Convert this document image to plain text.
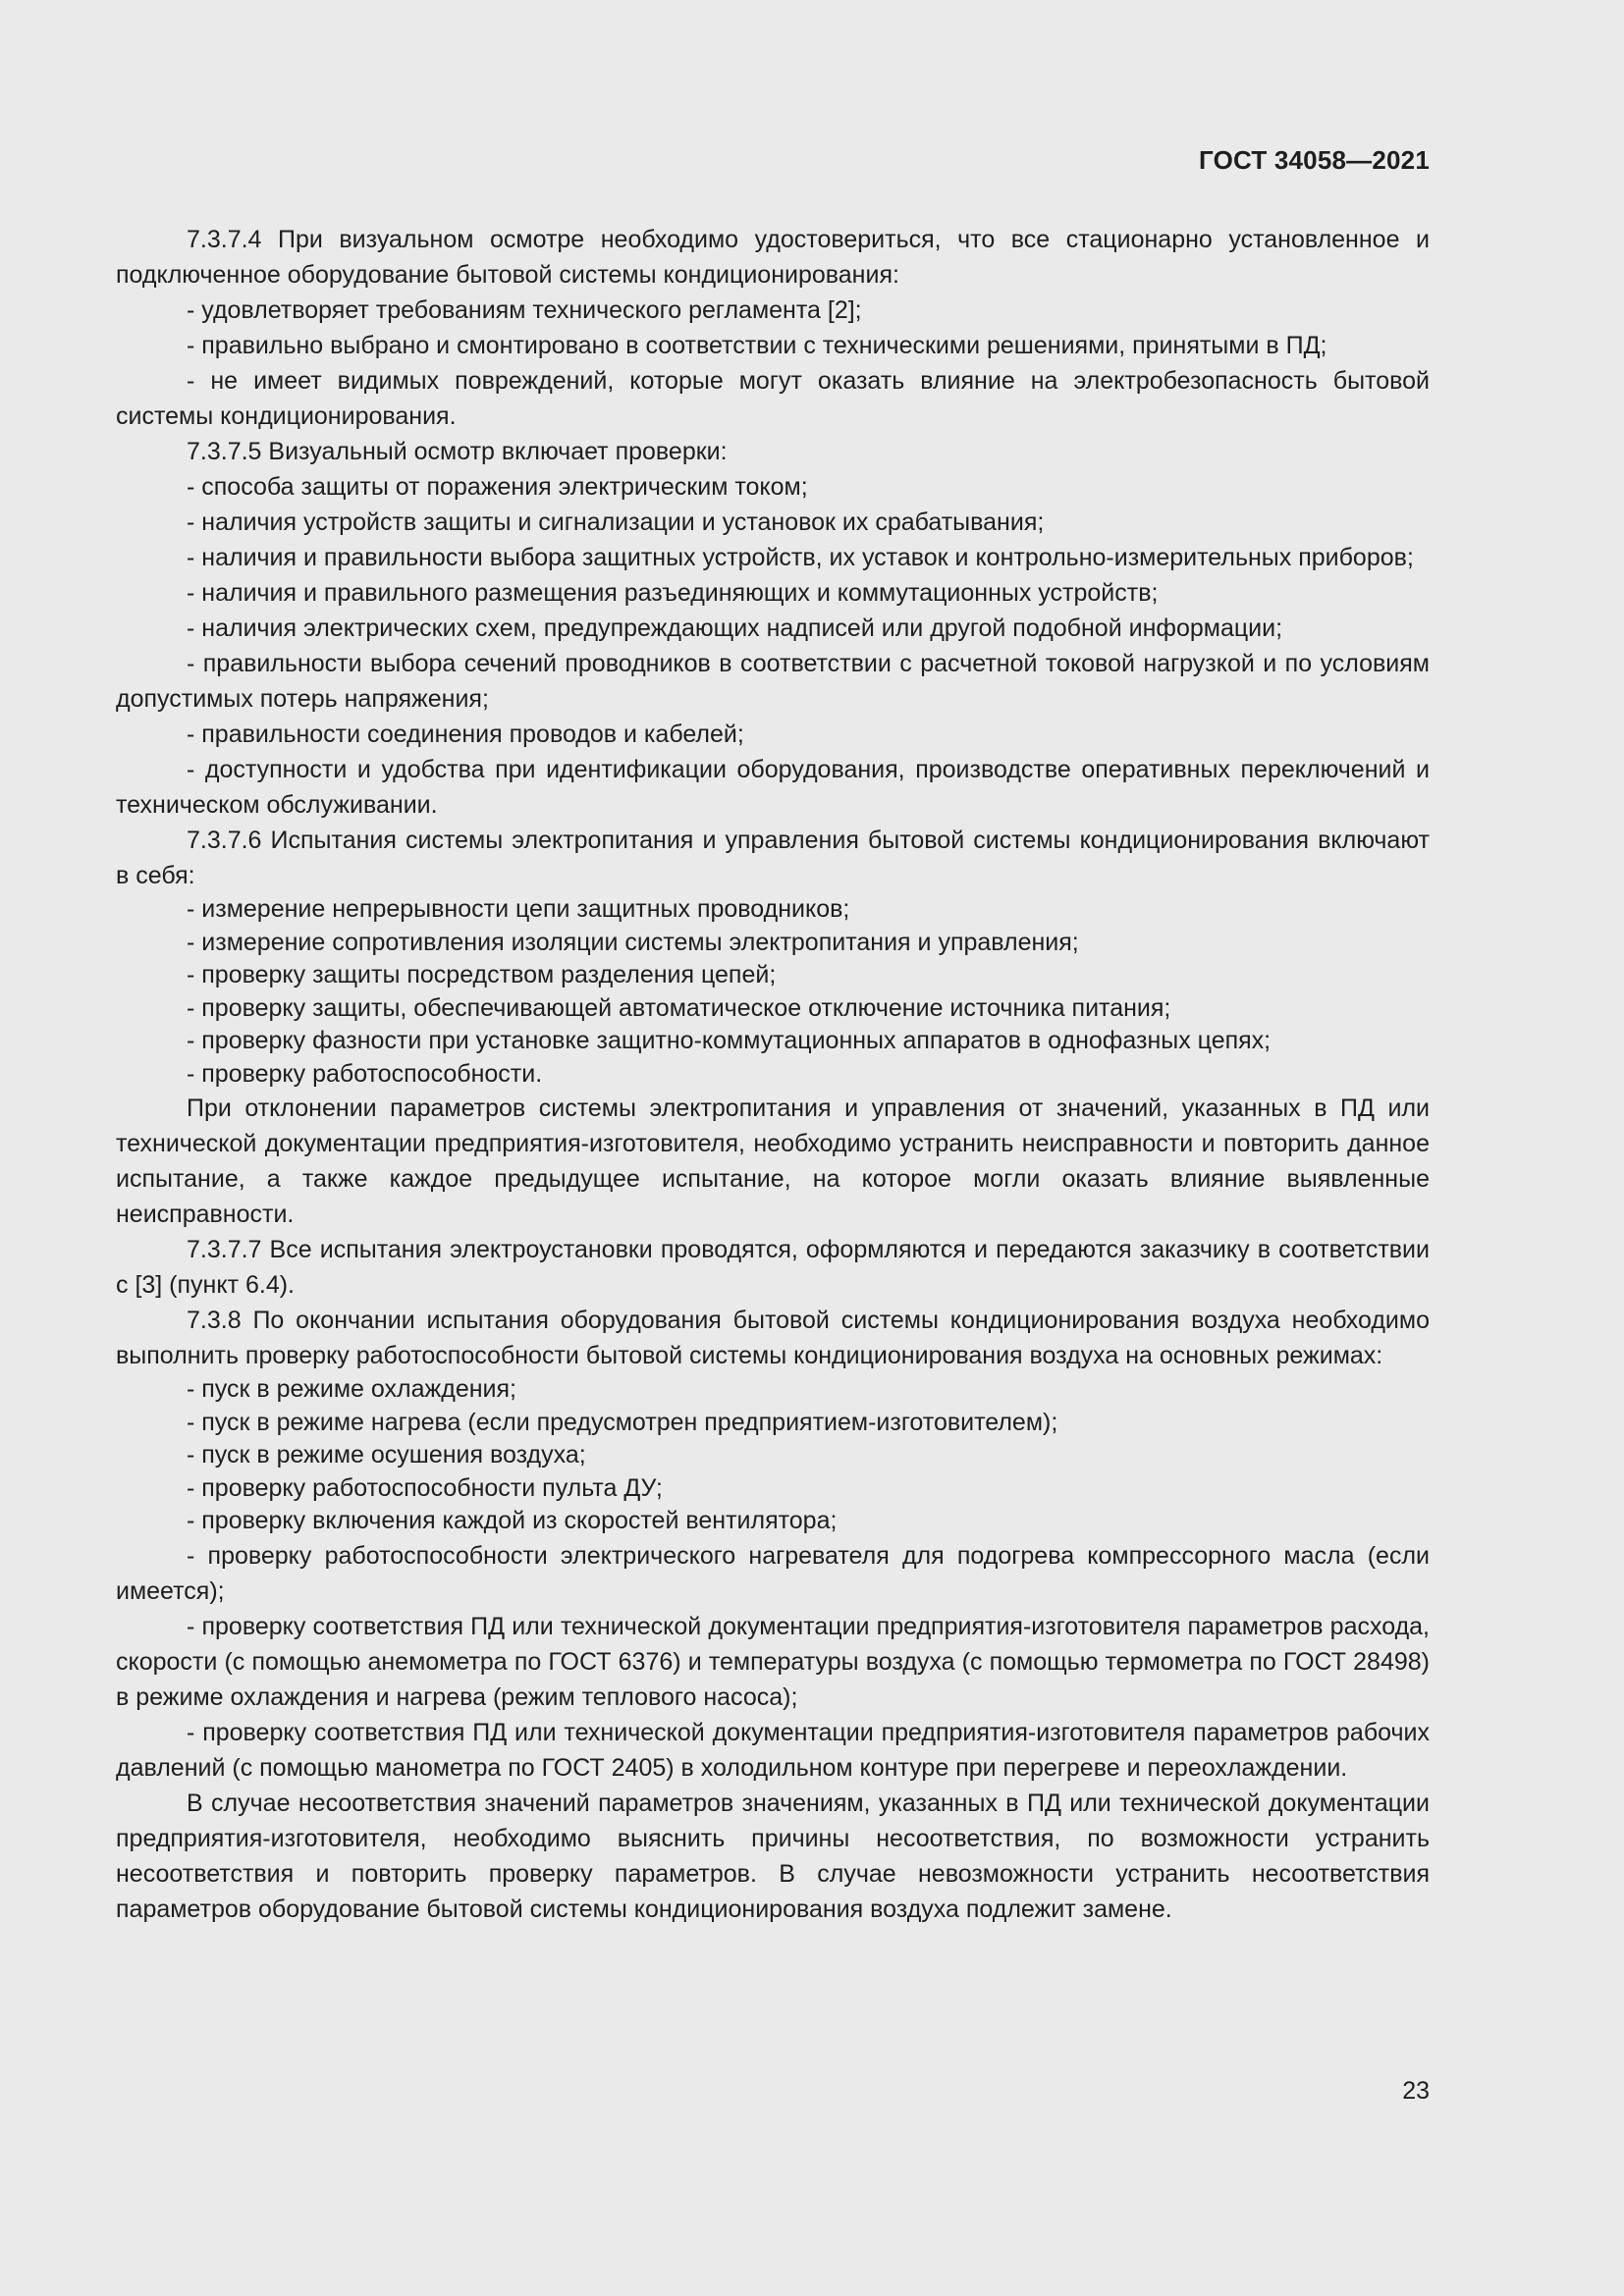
ГОСТ 34058—2021

7.3.7.4 При визуальном осмотре необходимо удостовериться, что все стационарно установленное и подключенное оборудование бытовой системы кондиционирования:

- удовлетворяет требованиям технического регламента [2];

- правильно выбрано и смонтировано в соответствии с техническими решениями, принятыми в ПД;

- не имеет видимых повреждений, которые могут оказать влияние на электробезопасность бытовой системы кондиционирования.

7.3.7.5 Визуальный осмотр включает проверки:

- способа защиты от поражения электрическим током;

- наличия устройств защиты и сигнализации и установок их срабатывания;

- наличия и правильности выбора защитных устройств, их уставок и контрольно-измерительных приборов;

- наличия и правильного размещения разъединяющих и коммутационных устройств;

- наличия электрических схем, предупреждающих надписей или другой подобной информации;

- правильности выбора сечений проводников в соответствии с расчетной токовой нагрузкой и по условиям допустимых потерь напряжения;

- правильности соединения проводов и кабелей;

- доступности и удобства при идентификации оборудования, производстве оперативных переключений и техническом обслуживании.

7.3.7.6 Испытания системы электропитания и управления бытовой системы кондиционирования включают в себя:

- измерение непрерывности цепи защитных проводников;

- измерение сопротивления изоляции системы электропитания и управления;

- проверку защиты посредством разделения цепей;

- проверку защиты, обеспечивающей автоматическое отключение источника питания;

- проверку фазности при установке защитно-коммутационных аппаратов в однофазных цепях;

- проверку работоспособности.

При отклонении параметров системы электропитания и управления от значений, указанных в ПД или технической документации предприятия-изготовителя, необходимо устранить неисправности и повторить данное испытание, а также каждое предыдущее испытание, на которое могли оказать влияние выявленные неисправности.

7.3.7.7 Все испытания электроустановки проводятся, оформляются и передаются заказчику в соответствии с [3] (пункт 6.4).

7.3.8 По окончании испытания оборудования бытовой системы кондиционирования воздуха необходимо выполнить проверку работоспособности бытовой системы кондиционирования воздуха на основных режимах:

- пуск в режиме охлаждения;

- пуск в режиме нагрева (если предусмотрен предприятием-изготовителем);

- пуск в режиме осушения воздуха;

- проверку работоспособности пульта ДУ;

- проверку включения каждой из скоростей вентилятора;

- проверку работоспособности электрического нагревателя для подогрева компрессорного масла (если имеется);

- проверку соответствия ПД или технической документации предприятия-изготовителя параметров расхода, скорости (с помощью анемометра по ГОСТ 6376) и температуры воздуха (с помощью термометра по ГОСТ 28498) в режиме охлаждения и нагрева (режим теплового насоса);

- проверку соответствия ПД или технической документации предприятия-изготовителя параметров рабочих давлений (с помощью манометра по ГОСТ 2405) в холодильном контуре при перегреве и переохлаждении.

В случае несоответствия значений параметров значениям, указанных в ПД или технической документации предприятия-изготовителя, необходимо выяснить причины несоответствия, по возможности устранить несоответствия и повторить проверку параметров. В случае невозможности устранить несоответствия параметров оборудование бытовой системы кондиционирования воздуха подлежит замене.

23
